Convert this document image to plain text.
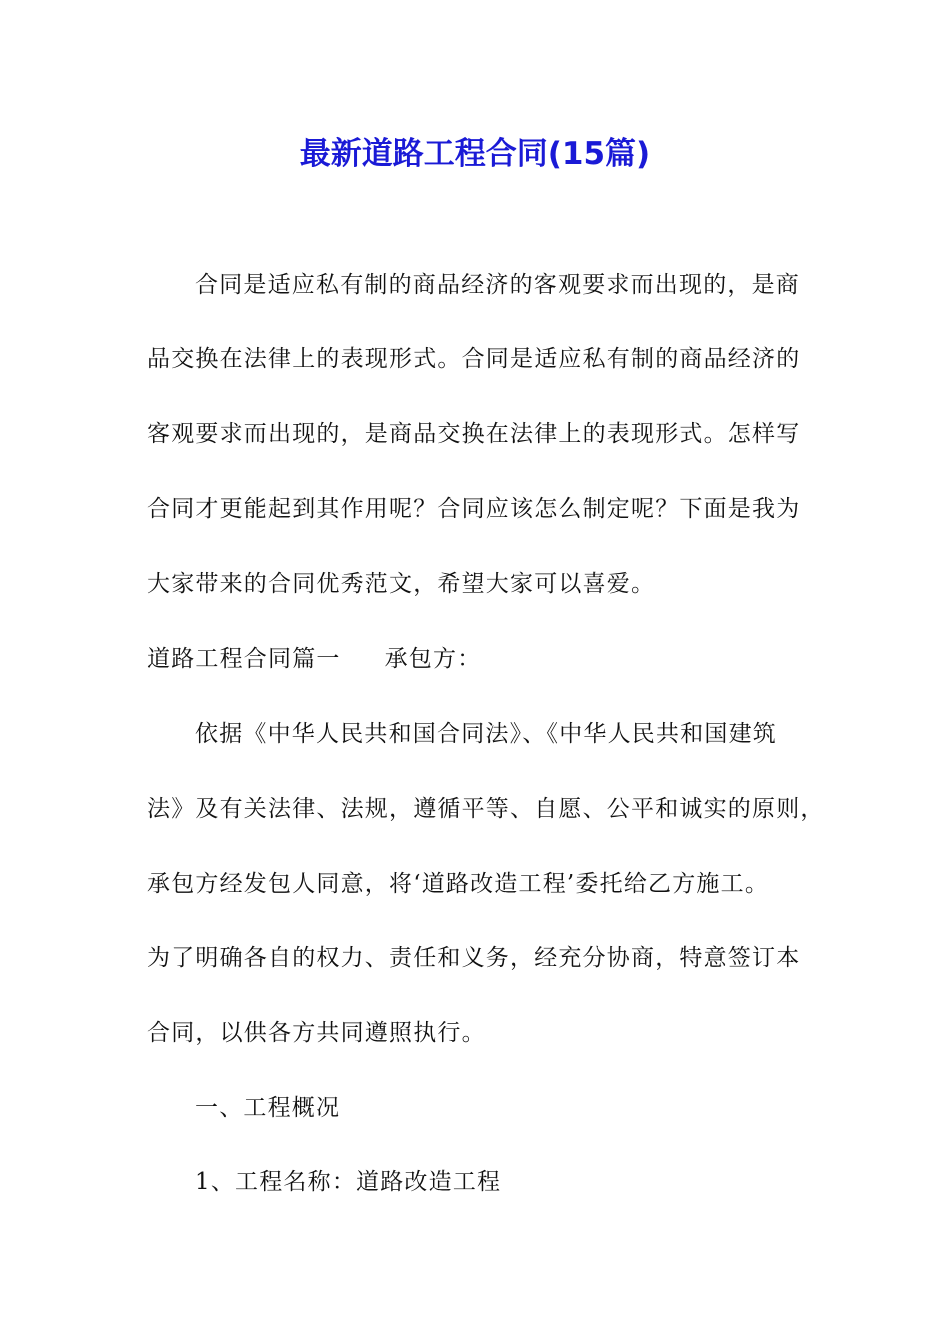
最新道路工程合同(15篇)
合同是适应私有制的商品经济的客观要求而出现的，是商
品交换在法律上的表现形式。合同是适应私有制的商品经济的
客观要求而出现的，是商品交换在法律上的表现形式。怎样写
合同才更能起到其作用呢？合同应该怎么制定呢？下面是我为
大家带来的合同优秀范文，希望大家可以喜爱。
道路工程合同篇一 承包方：
依据《中华人民共和国合同法》、《中华人民共和国建筑
法》及有关法律、法规，遵循平等、自愿、公平和诚实的原则，
承包方经发包人同意，将‘道路改造工程’委托给乙方施工。
为了明确各自的权力、责任和义务，经充分协商，特意签订本
合同，以供各方共同遵照执行。
一、工程概况
1、工程名称：道路改造工程
